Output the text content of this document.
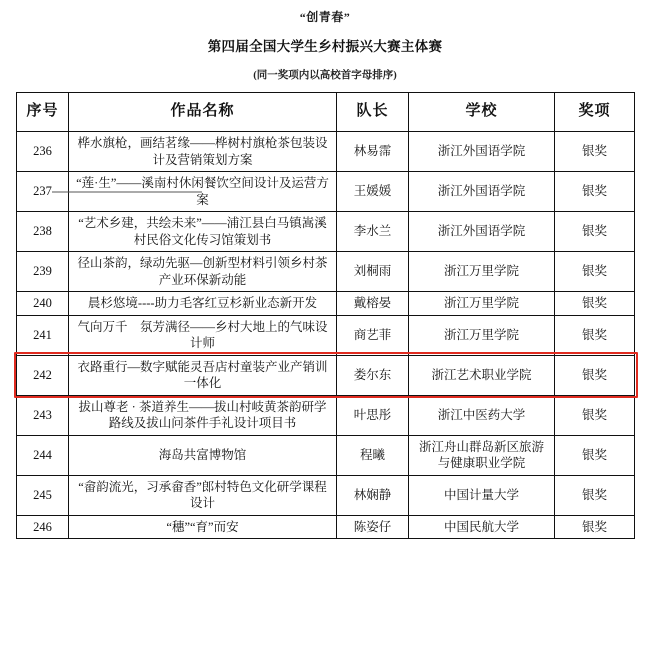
“创青春”
第四届全国大学生乡村振兴大赛主体赛
(同一奖项内以高校首字母排序)
序号	作品名称	队长	学校	奖项
236	桦水旗枪，画结茗缘——桦树村旗枪茶包装设计及营销策划方案	林易霈	浙江外国语学院	银奖
237	“莲·生”——溪南村休闲餐饮空间设计及运营方案	王媛媛	浙江外国语学院	银奖
238	“艺术乡建，共绘未来”——浦江县白马镇嵩溪村民俗文化传习馆策划书	李水兰	浙江外国语学院	银奖
239	径山茶韵，绿动先驱—创新型材料引领乡村茶产业环保新动能	刘桐雨	浙江万里学院	银奖
240	晨杉悠境----助力毛客红豆杉新业态新开发	戴榕晏	浙江万里学院	银奖
241	气向万千　氛芳满径——乡村大地上的气味设计师	商艺菲	浙江万里学院	银奖
242	衣路重行—数字赋能灵吾店村童装产业产销训一体化	娄尔东	浙江艺术职业学院	银奖
243	拔山尊老 · 茶道养生——拔山村岐黄茶韵研学路线及拔山问茶件手礼设计项目书	叶思彤	浙江中医药大学	银奖
244	海岛共富博物馆	程曦	浙江舟山群岛新区旅游与健康职业学院	银奖
245	“畲韵流光，习承畲香”郎村特色文化研学课程设计	林娴静	中国计量大学	银奖
246	“穗”“育”而安	陈姿仔	中国民航大学	银奖
